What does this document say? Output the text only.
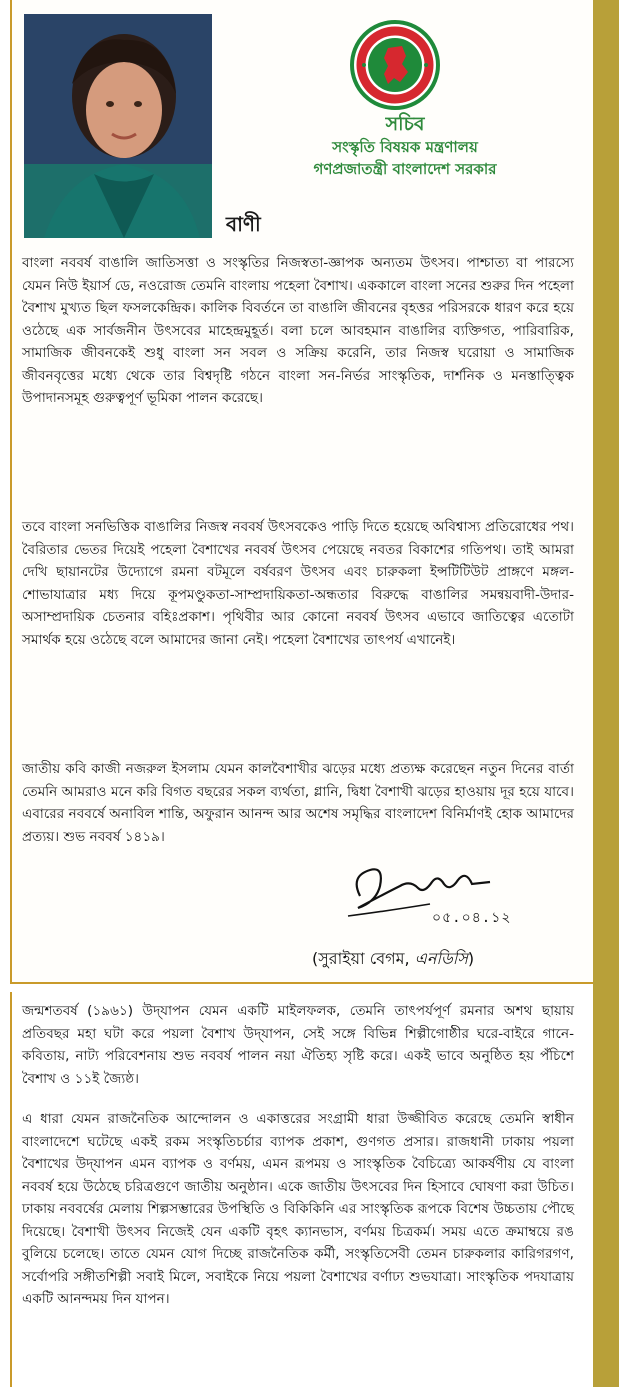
সচিব
সংস্কৃতি বিষয়ক মন্ত্রণালয়
গণপ্রজাতন্ত্রী বাংলাদেশ সরকার
বাণী

বাংলা নববর্ষ বাঙালি জাতিসত্তা ও সংস্কৃতির নিজস্বতা-জ্ঞাপক অন্যতম উৎসব। পাশ্চাত্য বা পারস্যে যেমন নিউ ইয়ার্স ডে, নওরোজ তেমনি বাংলায় পহেলা বৈশাখ। এককালে বাংলা সনের শুরুর দিন পহেলা বৈশাখ মুখ্যত ছিল ফসলকেন্দ্রিক। কালিক বিবর্তনে তা বাঙালি জীবনের বৃহত্তর পরিসরকে ধারণ করে হয়ে ওঠেছে এক সার্বজনীন উৎসবের মাহেন্দ্রমুহূর্ত। বলা চলে আবহমান বাঙালির ব্যক্তিগত, পারিবারিক, সামাজিক জীবনকেই শুধু বাংলা সন সবল ও সক্রিয় করেনি, তার নিজস্ব ঘরোয়া ও সামাজিক জীবনবৃত্তের মধ্যে থেকে তার বিশ্বদৃষ্টি গঠনে বাংলা সন-নির্ভর সাংস্কৃতিক, দার্শনিক ও মনস্তাত্ত্বিক উপাদানসমূহ গুরুত্বপূর্ণ ভূমিকা পালন করেছে।

তবে বাংলা সনভিত্তিক বাঙালির নিজস্ব নববর্ষ উৎসবকেও পাড়ি দিতে হয়েছে অবিশ্বাস্য প্রতিরোধের পথ। বৈরিতার ভেতর দিয়েই পহেলা বৈশাখের নববর্ষ উৎসব পেয়েছে নবতর বিকাশের গতিপথ। তাই আমরা দেখি ছায়ানটের উদ্যোগে রমনা বটমূলে বর্ষবরণ উৎসব এবং চারুকলা ইন্সটিটিউট প্রাঙ্গণে মঙ্গল-শোভাযাত্রার মধ্য দিয়ে কূপমণ্ডুকতা-সাম্প্রদায়িকতা-অন্ধতার বিরুদ্ধে বাঙালির সমন্বয়বাদী-উদার-অসাম্প্রদায়িক চেতনার বহিঃপ্রকাশ। পৃথিবীর আর কোনো নববর্ষ উৎসব এভাবে জাতিত্বের এতোটা সমার্থক হয়ে ওঠেছে বলে আমাদের জানা নেই। পহেলা বৈশাখের তাৎপর্য এখানেই।

জাতীয় কবি কাজী নজরুল ইসলাম যেমন কালবৈশাখীর ঝড়ের মধ্যে প্রত্যক্ষ করেছেন নতুন দিনের বার্তা তেমনি আমরাও মনে করি বিগত বছরের সকল ব্যর্থতা, গ্লানি, দ্বিধা বৈশাখী ঝড়ের হাওয়ায় দূর হয়ে যাবে। এবারের নববর্ষে অনাবিল শান্তি, অফুরান আনন্দ আর অশেষ সমৃদ্ধির বাংলাদেশ বিনির্মাণই হোক আমাদের প্রত্যয়। শুভ নববর্ষ ১৪১৯।

০৫.০৪.১২
(সুরাইয়া বেগম, এনডিসি)

জন্মশতবর্ষ (১৯৬১) উদ্‌যাপন যেমন একটি মাইলফলক, তেমনি তাৎপর্যপূর্ণ রমনার অশথ ছায়ায় প্রতিবছর মহা ঘটা করে পয়লা বৈশাখ উদ্‌যাপন, সেই সঙ্গে বিভিন্ন শিল্পীগোষ্ঠীর ঘরে-বাইরে গানে-কবিতায়, নাট্য পরিবেশনায় শুভ নববর্ষ পালন নয়া ঐতিহ্য সৃষ্টি করে। একই ভাবে অনুষ্ঠিত হয় পঁচিশে বৈশাখ ও ১১ই জ্যৈষ্ঠ।

এ ধারা যেমন রাজনৈতিক আন্দোলন ও একাত্তরের সংগ্রামী ধারা উজ্জীবিত করেছে তেমনি স্বাধীন বাংলাদেশে ঘটেছে একই রকম সংস্কৃতিচর্চার ব্যাপক প্রকাশ, গুণগত প্রসার। রাজধানী ঢাকায় পয়লা বৈশাখের উদ্‌যাপন এমন ব্যাপক ও বর্ণময়, এমন রূপময় ও সাংস্কৃতিক বৈচিত্র্যে আকর্ষণীয় যে বাংলা নববর্ষ হয়ে উঠেছে চরিত্রগুণে জাতীয় অনুষ্ঠান। একে জাতীয় উৎসবের দিন হিসাবে ঘোষণা করা উচিত। ঢাকায় নববর্ষের মেলায় শিল্পসম্ভারের উপস্থিতি ও বিকিকিনি এর সাংস্কৃতিক রূপকে বিশেষ উচ্চতায় পৌছে দিয়েছে। বৈশাখী উৎসব নিজেই যেন একটি বৃহৎ ক্যানভাস, বর্ণময় চিত্রকর্ম। সময় এতে ক্রমাম্বয়ে রঙ বুলিয়ে চলেছে। তাতে যেমন যোগ দিচ্ছে রাজনৈতিক কর্মী, সংস্কৃতিসেবী তেমন চারুকলার কারিগরগণ, সর্বোপরি সঙ্গীতশিল্পী সবাই মিলে, সবাইকে নিয়ে পয়লা বৈশাখের বর্ণাঢ্য শুভযাত্রা। সাংস্কৃতিক পদযাত্রায় একটি আনন্দময় দিন যাপন।
